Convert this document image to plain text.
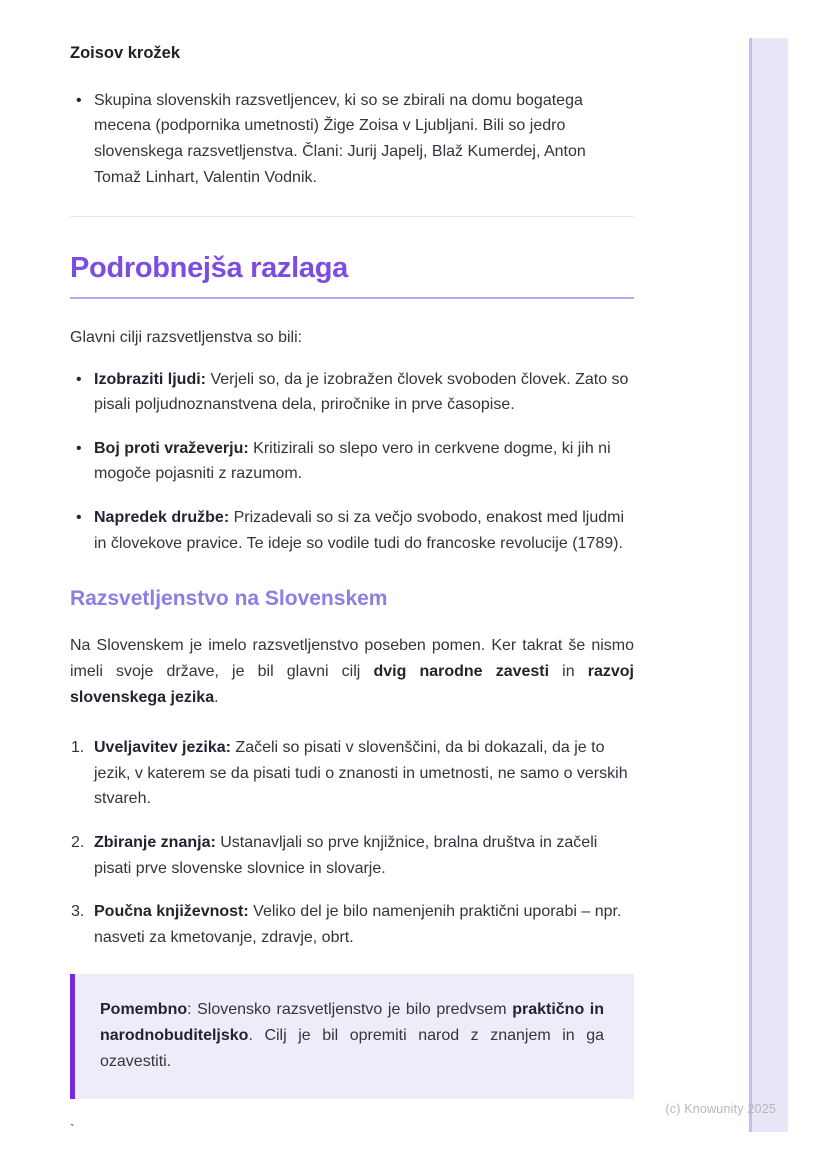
Zoisov krožek
• Skupina slovenskih razsvetljencev, ki so se zbirali na domu bogatega mecena (podpornika umetnosti) Žige Zoisa v Ljubljani. Bili so jedro slovenskega razsvetljenstva. Člani: Jurij Japelj, Blaž Kumerdej, Anton Tomaž Linhart, Valentin Vodnik.
Podrobnejša razlaga

Glavni cilji razsvetljenstva so bili:

• Izobraziti ljudi: Verjeli so, da je izobražen človek svoboden človek. Zato so pisali poljudnoznanstvena dela, priročnike in prve časopise.
• Boj proti vraževerju: Kritizirali so slepo vero in cerkvene dogme, ki jih ni mogoče pojasniti z razumom.
• Napredek družbe: Prizadevali so si za večjo svobodo, enakost med ljudmi in človekove pravice. Te ideje so vodile tudi do francoske revolucije (1789).
Razsvetljenstvo na Slovenskem

Na Slovenskem je imelo razsvetljenstvo poseben pomen. Ker takrat še nismo imeli svoje države, je bil glavni cilj dvig narodne zavesti in razvoj slovenskega jezika.

Uveljavitev jezika: Začeli so pisati v slovenščini, da bi dokazali, da je to jezik, v katerem se da pisati tudi o znanosti in umetnosti, ne samo o verskih stvareh.
Zbiranje znanja: Ustanavljali so prve knjižnice, bralna društva in začeli pisati prve slovenske slovnice in slovarje.
Poučna književnost: Veliko del je bilo namenjenih praktični uporabi – npr. nasveti za kmetovanje, zdravje, obrt.

Pomembno: Slovensko razsvetljenstvo je bilo predvsem praktično in narodnobuditeljsko. Cilj je bil opremiti narod z znanjem in ga ozavestiti.

`
(c) Knowunity 2025
